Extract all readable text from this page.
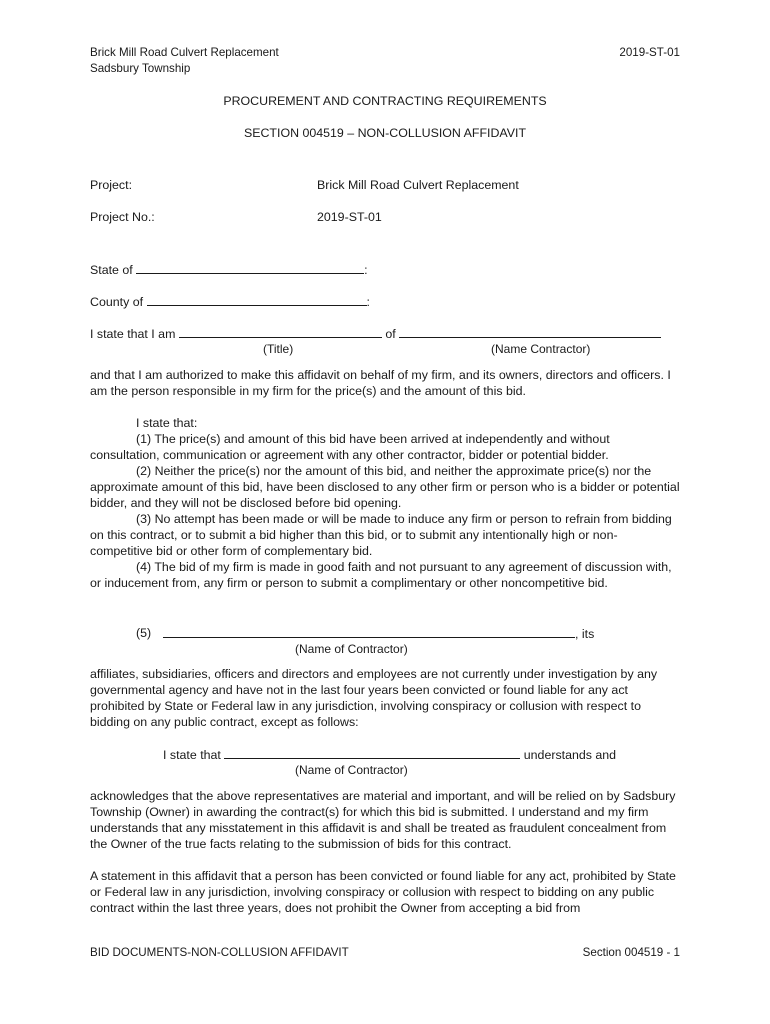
Brick Mill Road Culvert Replacement
Sadsbury Township
2019-ST-01
PROCUREMENT AND CONTRACTING REQUIREMENTS
SECTION 004519 – NON-COLLUSION AFFIDAVIT
Project:	Brick Mill Road Culvert Replacement
Project No.:	2019-ST-01
State of	:
County of	:
I state that I am	of
(Title)	(Name Contractor)

and that I am authorized to make this affidavit on behalf of my firm, and its owners, directors and officers. I am the person responsible in my firm for the price(s) and the amount of this bid.

I state that:

(1) The price(s) and amount of this bid have been arrived at independently and without consultation, communication or agreement with any other contractor, bidder or potential bidder.

(2) Neither the price(s) nor the amount of this bid, and neither the approximate price(s) nor the approximate amount of this bid, have been disclosed to any other firm or person who is a bidder or potential bidder, and they will not be disclosed before bid opening.

(3) No attempt has been made or will be made to induce any firm or person to refrain from bidding on this contract, or to submit a bid higher than this bid, or to submit any intentionally high or non-competitive bid or other form of complementary bid.

(4) The bid of my firm is made in good faith and not pursuant to any agreement of discussion with, or inducement from, any firm or person to submit a complimentary or other noncompetitive bid.

(5)	, its
(Name of Contractor)

affiliates, subsidiaries, officers and directors and employees are not currently under investigation by any governmental agency and have not in the last four years been convicted or found liable for any act prohibited by State or Federal law in any jurisdiction, involving conspiracy or collusion with respect to bidding on any public contract, except as follows:

I state that	understands and
(Name of Contractor)

acknowledges that the above representatives are material and important, and will be relied on by Sadsbury Township (Owner) in awarding the contract(s) for which this bid is submitted. I understand and my firm understands that any misstatement in this affidavit is and shall be treated as fraudulent concealment from the Owner of the true facts relating to the submission of bids for this contract.

A statement in this affidavit that a person has been convicted or found liable for any act, prohibited by State or Federal law in any jurisdiction, involving conspiracy or collusion with respect to bidding on any public contract within the last three years, does not prohibit the Owner from accepting a bid from

BID DOCUMENTS-NON-COLLUSION AFFIDAVIT	Section 004519 - 1
